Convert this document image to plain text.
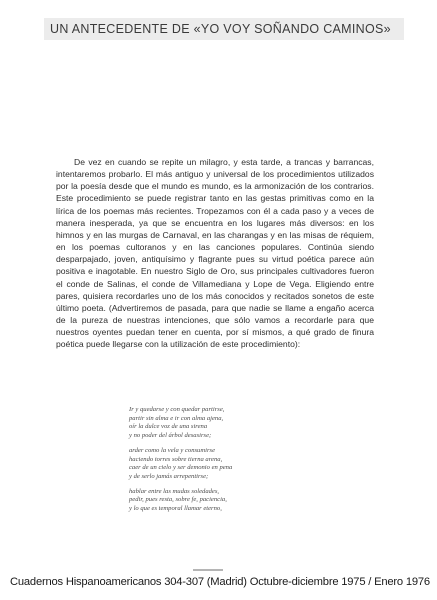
UN ANTECEDENTE DE «YO VOY SOÑANDO CAMINOS»

De vez en cuando se repite un milagro, y esta tarde, a trancas y barrancas, intentaremos probarlo. El más antiguo y universal de los procedimientos utilizados por la poesía desde que el mundo es mundo, es la armonización de los contrarios. Este procedimiento se puede registrar tanto en las gestas primitivas como en la lírica de los poemas más recientes. Tropezamos con él a cada paso y a veces de manera inesperada, ya que se encuentra en los lugares más diversos: en los himnos y en las murgas de Carnaval, en las charangas y en las misas de réquiem, en los poemas cultoranos y en las canciones populares. Continúa siendo desparpajado, joven, antiquísimo y flagrante pues su virtud poética parece aún positiva e inagotable. En nuestro Siglo de Oro, sus principales cultivadores fueron el conde de Salinas, el conde de Villamediana y Lope de Vega. Eligiendo entre pares, quisiera recordarles uno de los más conocidos y recitados sonetos de este último poeta. (Advertiremos de pasada, para que nadie se llame a engaño acerca de la pureza de nuestras intenciones, que sólo vamos a recordarle para que nuestros oyentes puedan tener en cuenta, por sí mismos, a qué grado de finura poética puede llegarse con la utilización de este procedimiento):

Ir y quedarse y con quedar partirse,
partir sin alma e ir con alma ajena,
oír la dulce voz de una sirena
y no poder del árbol desasirse;
arder como la vela y consumirse
haciendo torres sobre tierna arena,
caer de un cielo y ser demonio en pena
y de serlo jamás arrepentirse;
hablar entre las mudas soledades,
pedir, pues resta, sobre fe, paciencia,
y lo que es temporal llamar eterno,
Cuadernos Hispanoamericanos 304-307 (Madrid) Octubre-diciembre 1975 / Enero 1976
